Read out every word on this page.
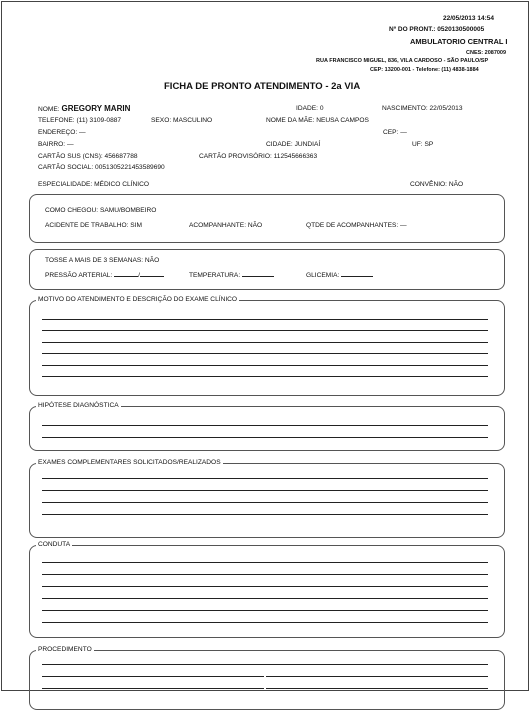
22/05/2013 14:54
Nº DO PRONT.: 0520130500005
AMBULATORIO CENTRAL I
CNES: 2087009
RUA FRANCISCO MIGUEL, 836, VILA CARDOSO - SÃO PAULO/SP
CEP: 13200-001 - Telefone: (11) 4838-1884
FICHA DE PRONTO ATENDIMENTO - 2a VIA
NOME: GREGORY MARIN	IDADE: 0	NASCIMENTO: 22/05/2013
TELEFONE: (11) 3109-0887	SEXO: MASCULINO	NOME DA MÃE: NEUSA CAMPOS
ENDEREÇO: —	CEP: —
BAIRRO: —	CIDADE: JUNDIAÍ	UF: SP
CARTÃO SUS (CNS): 456687788	CARTÃO PROVISÓRIO: 112545666363
CARTÃO SOCIAL: 0051305221453589690
ESPECIALIDADE: MÉDICO CLÍNICO	CONVÊNIO: NÃO
COMO CHEGOU: SAMU/BOMBEIRO
ACIDENTE DE TRABALHO: SIM	ACOMPANHANTE: NÃO	QTDE DE ACOMPANHANTES: —
TOSSE A MAIS DE 3 SEMANAS: NÃO
PRESSÃO ARTERIAL:	/	TEMPERATURA:	GLICEMIA:
MOTIVO DO ATENDIMENTO E DESCRIÇÃO DO EXAME CLÍNICO
HIPÓTESE DIAGNÓSTICA
EXAMES COMPLEMENTARES SOLICITADOS/REALIZADOS
CONDUTA
PROCEDIMENTO
